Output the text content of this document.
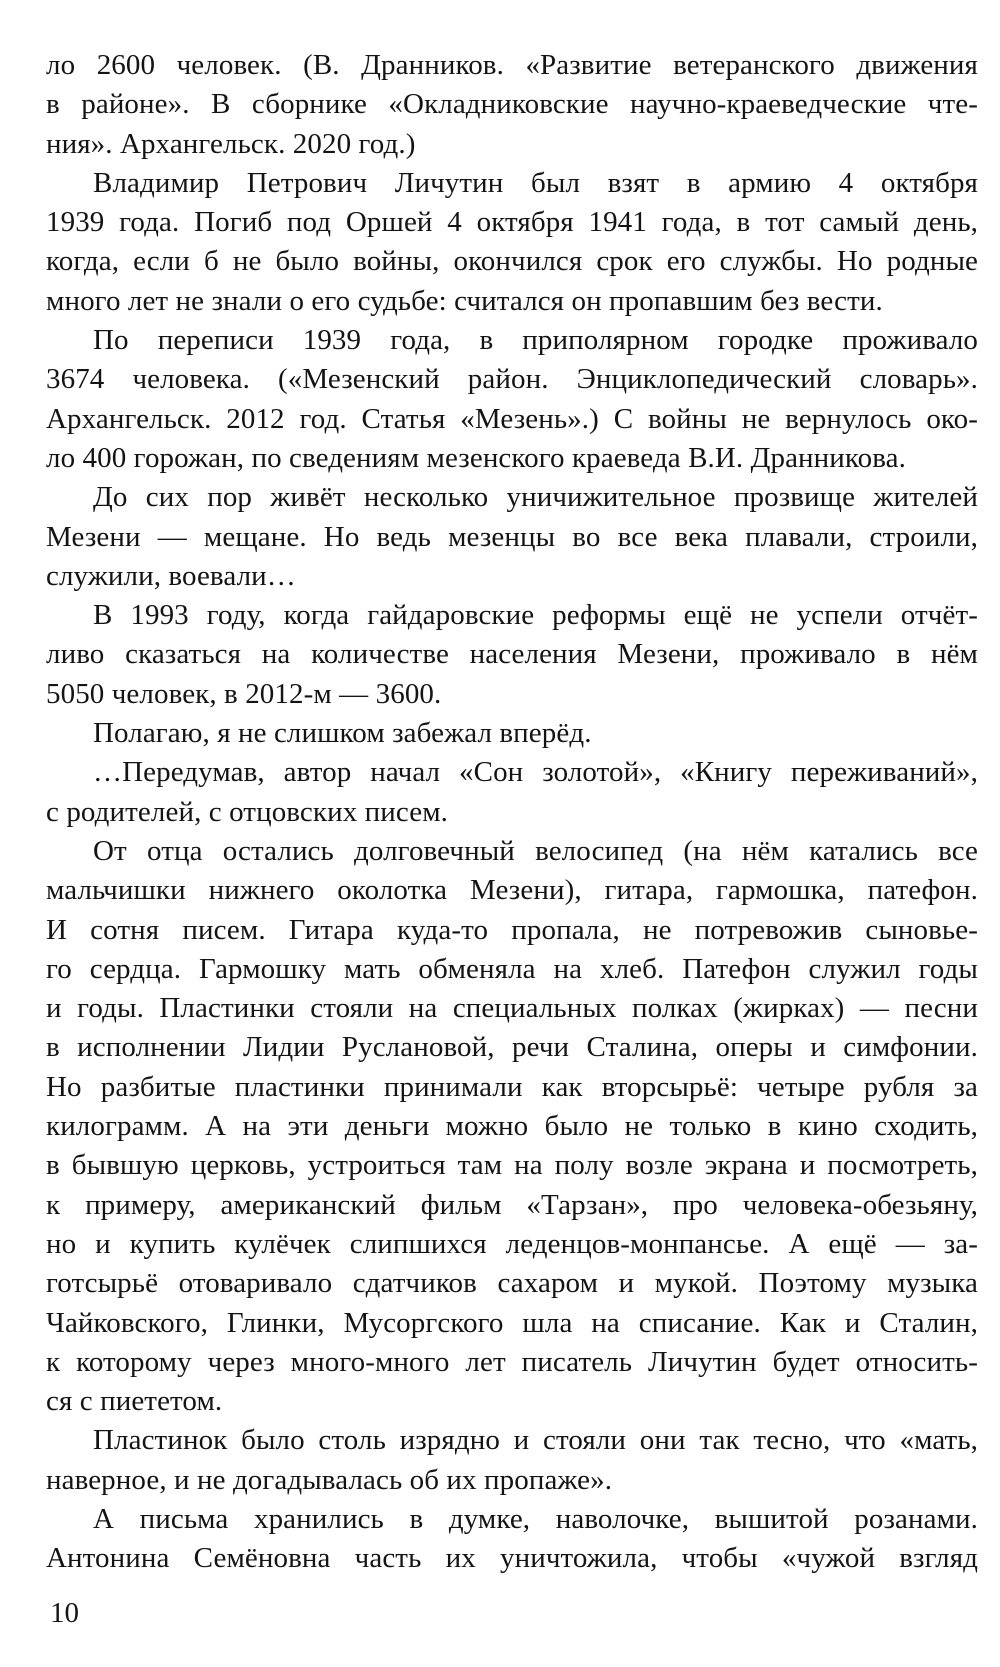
ло 2600 человек. (В. Дранников. «Развитие ветеранского движения
в районе». В сборнике «Окладниковские научно-краеведческие чте-
ния». Архангельск. 2020 год.)
Владимир Петрович Личутин был взят в армию 4 октября
1939 года. Погиб под Оршей 4 октября 1941 года, в тот самый день,
когда, если б не было войны, окончился срок его службы. Но родные
много лет не знали о его судьбе: считался он пропавшим без вести.
По переписи 1939 года, в приполярном городке проживало
3674 человека. («Мезенский район. Энциклопедический словарь».
Архангельск. 2012 год. Статья «Мезень».) С войны не вернулось око-
ло 400 горожан, по сведениям мезенского краеведа В.И. Дранникова.
До сих пор живёт несколько уничижительное прозвище жителей
Мезени — мещане. Но ведь мезенцы во все века плавали, строили,
служили, воевали…
В 1993 году, когда гайдаровские реформы ещё не успели отчёт-
ливо сказаться на количестве населения Мезени, проживало в нём
5050 человек, в 2012-м — 3600.
Полагаю, я не слишком забежал вперёд.
…Передумав, автор начал «Сон золотой», «Книгу переживаний»,
с родителей, с отцовских писем.
От отца остались долговечный велосипед (на нём катались все
мальчишки нижнего околотка Мезени), гитара, гармошка, патефон.
И сотня писем. Гитара куда-то пропала, не потревожив сыновье-
го сердца. Гармошку мать обменяла на хлеб. Патефон служил годы
и годы. Пластинки стояли на специальных полках (жирках) — песни
в исполнении Лидии Руслановой, речи Сталина, оперы и симфонии.
Но разбитые пластинки принимали как вторсырьё: четыре рубля за
килограмм. А на эти деньги можно было не только в кино сходить,
в бывшую церковь, устроиться там на полу возле экрана и посмотреть,
к примеру, американский фильм «Тарзан», про человека-обезьяну,
но и купить кулёчек слипшихся леденцов-монпансье. А ещё — за-
готсырьё отоваривало сдатчиков сахаром и мукой. Поэтому музыка
Чайковского, Глинки, Мусоргского шла на списание. Как и Сталин,
к которому через много-много лет писатель Личутин будет относить-
ся с пиететом.
Пластинок было столь изрядно и стояли они так тесно, что «мать,
наверное, и не догадывалась об их пропаже».
А письма хранились в думке, наволочке, вышитой розанами.
Антонина Семёновна часть их уничтожила, чтобы «чужой взгляд
10
